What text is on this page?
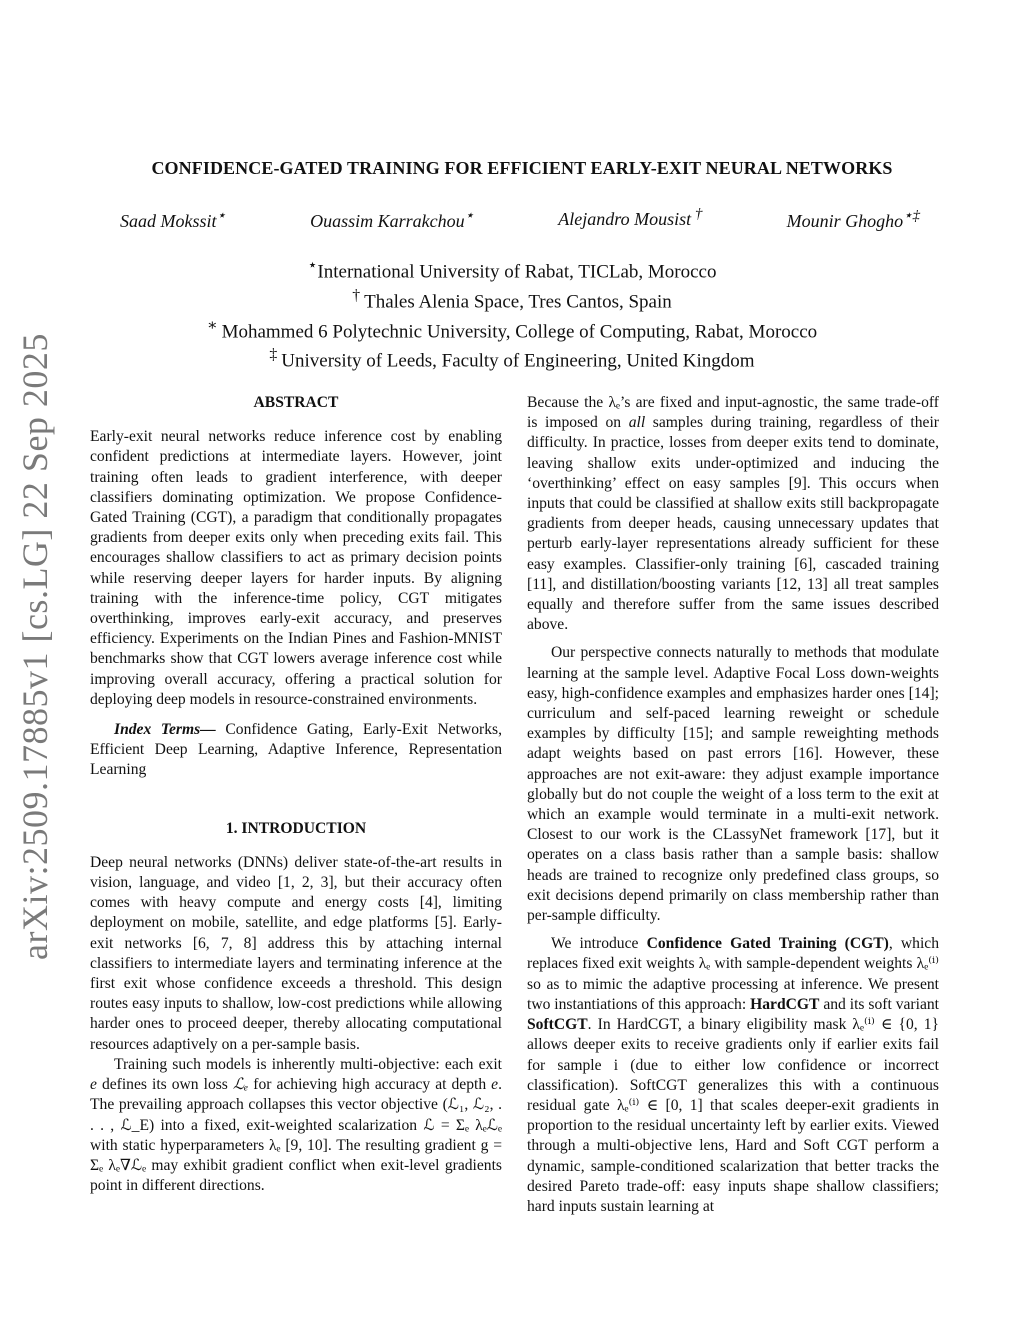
arXiv:2509.17885v1 [cs.LG] 22 Sep 2025
CONFIDENCE-GATED TRAINING FOR EFFICIENT EARLY-EXIT NEURAL NETWORKS
Saad Mokssit⋆	Ouassim Karrakchou⋆	Alejandro Mousist †	Mounir Ghogho⋆‡
⋆International University of Rabat, TICLab, Morocco
† Thales Alenia Space, Tres Cantos, Spain
∗ Mohammed 6 Polytechnic University, College of Computing, Rabat, Morocco
‡ University of Leeds, Faculty of Engineering, United Kingdom
ABSTRACT

Early-exit neural networks reduce inference cost by enabling confident predictions at intermediate layers. However, joint training often leads to gradient interference, with deeper classifiers dominating optimization. We propose Confidence-Gated Training (CGT), a paradigm that conditionally propagates gradients from deeper exits only when preceding exits fail. This encourages shallow classifiers to act as primary decision points while reserving deeper layers for harder inputs. By aligning training with the inference-time policy, CGT mitigates overthinking, improves early-exit accuracy, and preserves efficiency. Experiments on the Indian Pines and Fashion-MNIST benchmarks show that CGT lowers average inference cost while improving overall accuracy, offering a practical solution for deploying deep models in resource-constrained environments.

Index Terms— Confidence Gating, Early-Exit Networks, Efficient Deep Learning, Adaptive Inference, Representation Learning

1. INTRODUCTION

Deep neural networks (DNNs) deliver state-of-the-art results in vision, language, and video [1, 2, 3], but their accuracy often comes with heavy compute and energy costs [4], limiting deployment on mobile, satellite, and edge platforms [5]. Early-exit networks [6, 7, 8] address this by attaching internal classifiers to intermediate layers and terminating inference at the first exit whose confidence exceeds a threshold. This design routes easy inputs to shallow, low-cost predictions while allowing harder ones to proceed deeper, thereby allocating computational resources adaptively on a per-sample basis.

Training such models is inherently multi-objective: each exit e defines its own loss ℒₑ for achieving high accuracy at depth e. The prevailing approach collapses this vector objective (ℒ₁, ℒ₂, . . . , ℒ_E) into a fixed, exit-weighted scalarization ℒ = Σₑ λₑℒₑ with static hyperparameters λₑ [9, 10]. The resulting gradient g = Σₑ λₑ∇ℒₑ may exhibit gradient conflict when exit-level gradients point in different directions.

Because the λₑ’s are fixed and input-agnostic, the same trade-off is imposed on all samples during training, regardless of their difficulty. In practice, losses from deeper exits tend to dominate, leaving shallow exits under-optimized and inducing the ‘overthinking’ effect on easy samples [9]. This occurs when inputs that could be classified at shallow exits still backpropagate gradients from deeper heads, causing unnecessary updates that perturb early-layer representations already sufficient for these easy examples. Classifier-only training [6], cascaded training [11], and distillation/boosting variants [12, 13] all treat samples equally and therefore suffer from the same issues described above.

Our perspective connects naturally to methods that modulate learning at the sample level. Adaptive Focal Loss down-weights easy, high-confidence examples and emphasizes harder ones [14]; curriculum and self-paced learning reweight or schedule examples by difficulty [15]; and sample reweighting methods adapt weights based on past errors [16]. However, these approaches are not exit-aware: they adjust example importance globally but do not couple the weight of a loss term to the exit at which an example would terminate in a multi-exit network. Closest to our work is the CLassyNet framework [17], but it operates on a class basis rather than a sample basis: shallow heads are trained to recognize only predefined class groups, so exit decisions depend primarily on class membership rather than per-sample difficulty.

We introduce Confidence Gated Training (CGT), which replaces fixed exit weights λₑ with sample-dependent weights λₑ⁽ⁱ⁾ so as to mimic the adaptive processing at inference. We present two instantiations of this approach: HardCGT and its soft variant SoftCGT. In HardCGT, a binary eligibility mask λₑ⁽ⁱ⁾ ∈ {0, 1} allows deeper exits to receive gradients only if earlier exits fail for sample i (due to either low confidence or incorrect classification). SoftCGT generalizes this with a continuous residual gate λₑ⁽ⁱ⁾ ∈ [0, 1] that scales deeper-exit gradients in proportion to the residual uncertainty left by earlier exits. Viewed through a multi-objective lens, Hard and Soft CGT perform a dynamic, sample-conditioned scalarization that better tracks the desired Pareto trade-off: easy inputs shape shallow classifiers; hard inputs sustain learning at
